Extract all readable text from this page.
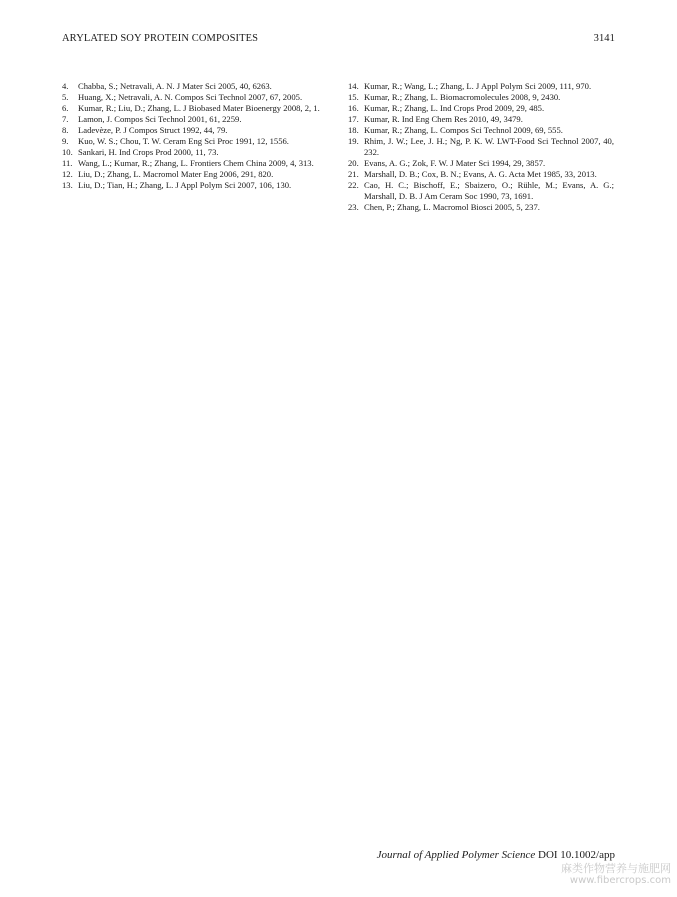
ARYLATED SOY PROTEIN COMPOSITES	3141
4.	Chabba, S.; Netravali, A. N. J Mater Sci 2005, 40, 6263.
5.	Huang, X.; Netravali, A. N. Compos Sci Technol 2007, 67, 2005.
6.	Kumar, R.; Liu, D.; Zhang, L. J Biobased Mater Bioenergy 2008, 2, 1.
7.	Lamon, J. Compos Sci Technol 2001, 61, 2259.
8.	Ladevèze, P. J Compos Struct 1992, 44, 79.
9.	Kuo, W. S.; Chou, T. W. Ceram Eng Sci Proc 1991, 12, 1556.
10. Sankari, H. Ind Crops Prod 2000, 11, 73.
11. Wang, L.; Kumar, R.; Zhang, L. Frontiers Chem China 2009, 4, 313.
12. Liu, D.; Zhang, L. Macromol Mater Eng 2006, 291, 820.
13. Liu, D.; Tian, H.; Zhang, L. J Appl Polym Sci 2007, 106, 130.
14. Kumar, R.; Wang, L.; Zhang, L. J Appl Polym Sci 2009, 111, 970.
15. Kumar, R.; Zhang, L. Biomacromolecules 2008, 9, 2430.
16. Kumar, R.; Zhang, L. Ind Crops Prod 2009, 29, 485.
17. Kumar, R. Ind Eng Chem Res 2010, 49, 3479.
18. Kumar, R.; Zhang, L. Compos Sci Technol 2009, 69, 555.
19. Rhim, J. W.; Lee, J. H.; Ng, P. K. W. LWT-Food Sci Technol 2007, 40, 232.
20. Evans, A. G.; Zok, F. W. J Mater Sci 1994, 29, 3857.
21. Marshall, D. B.; Cox, B. N.; Evans, A. G. Acta Met 1985, 33, 2013.
22. Cao, H. C.; Bischoff, E.; Sbaizero, O.; Rühle, M.; Evans, A. G.; Marshall, D. B. J Am Ceram Soc 1990, 73, 1691.
23. Chen, P.; Zhang, L. Macromol Biosci 2005, 5, 237.
Journal of Applied Polymer Science DOI 10.1002/app
麻类作物营养与施肥网
www.fibercrops.com
